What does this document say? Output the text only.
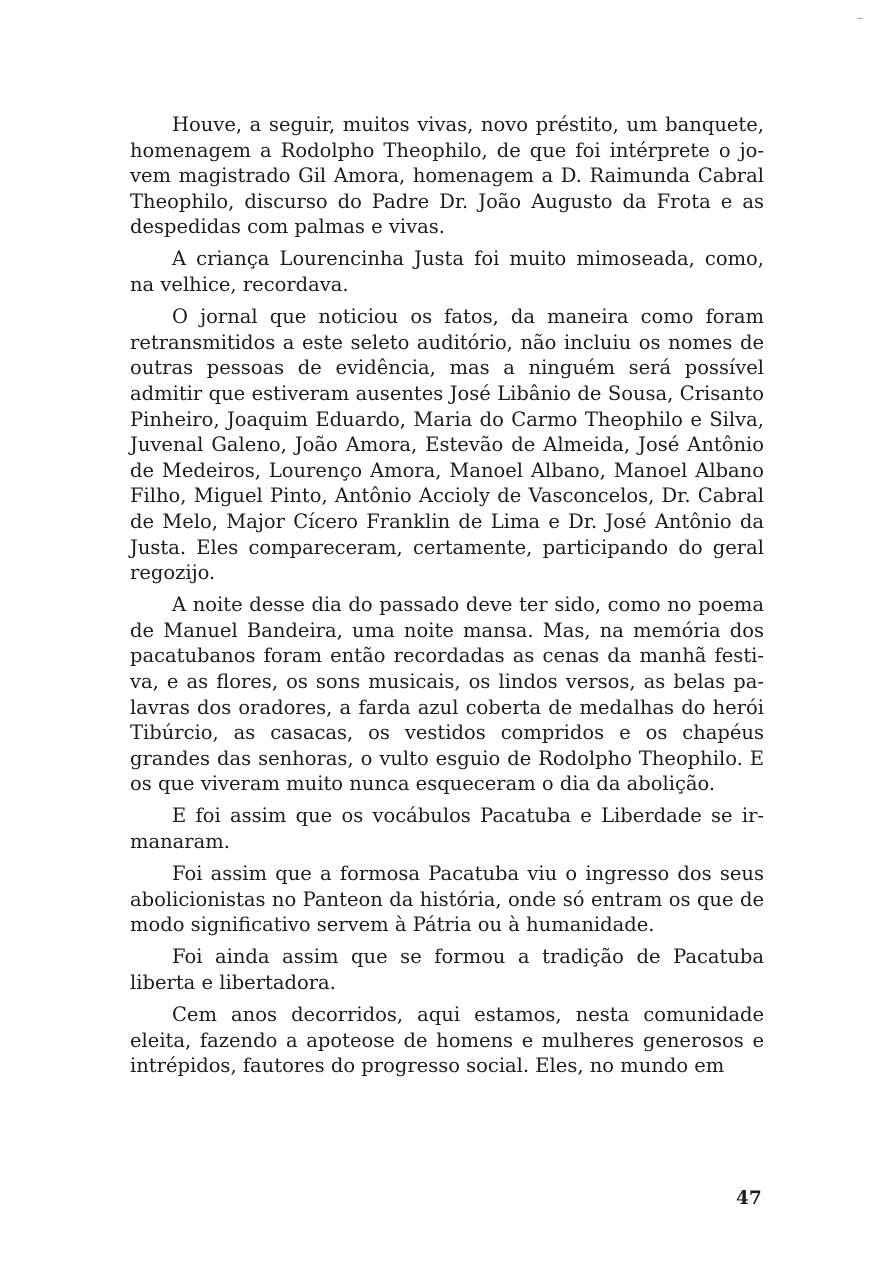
Houve, a seguir, muitos vivas, novo préstito, um banquete, homenagem a Rodolpho Theophilo, de que foi intérprete o jovem magistrado Gil Amora, homenagem a D. Raimunda Cabral Theophilo, discurso do Padre Dr. João Augusto da Frota e as despedidas com palmas e vivas.

A criança Lourencinha Justa foi muito mimoseada, como, na velhice, recordava.

O jornal que noticiou os fatos, da maneira como foram retransmitidos a este seleto auditório, não incluiu os nomes de outras pessoas de evidência, mas a ninguém será possível admitir que estiveram ausentes José Libânio de Sousa, Crisanto Pinheiro, Joaquim Eduardo, Maria do Carmo Theophilo e Silva, Juvenal Galeno, João Amora, Estevão de Almeida, José Antônio de Medeiros, Lourenço Amora, Manoel Albano, Manoel Albano Filho, Miguel Pinto, Antônio Accioly de Vasconcelos, Dr. Cabral de Melo, Major Cícero Franklin de Lima e Dr. José Antônio da Justa. Eles compareceram, certamente, participando do geral regozijo.

A noite desse dia do passado deve ter sido, como no poema de Manuel Bandeira, uma noite mansa. Mas, na memória dos pacatubanos foram então recordadas as cenas da manhã festiva, e as flores, os sons musicais, os lindos versos, as belas palavras dos oradores, a farda azul coberta de medalhas do herói Tibúrcio, as casacas, os vestidos compridos e os chapéus grandes das senhoras, o vulto esguio de Rodolpho Theophilo. E os que viveram muito nunca esqueceram o dia da abolição.

E foi assim que os vocábulos Pacatuba e Liberdade se irmanaram.

Foi assim que a formosa Pacatuba viu o ingresso dos seus abolicionistas no Panteon da história, onde só entram os que de modo significativo servem à Pátria ou à humanidade.

Foi ainda assim que se formou a tradição de Pacatuba liberta e libertadora.

Cem anos decorridos, aqui estamos, nesta comunidade eleita, fazendo a apoteose de homens e mulheres generosos e intrépidos, fautores do progresso social. Eles, no mundo em

47
